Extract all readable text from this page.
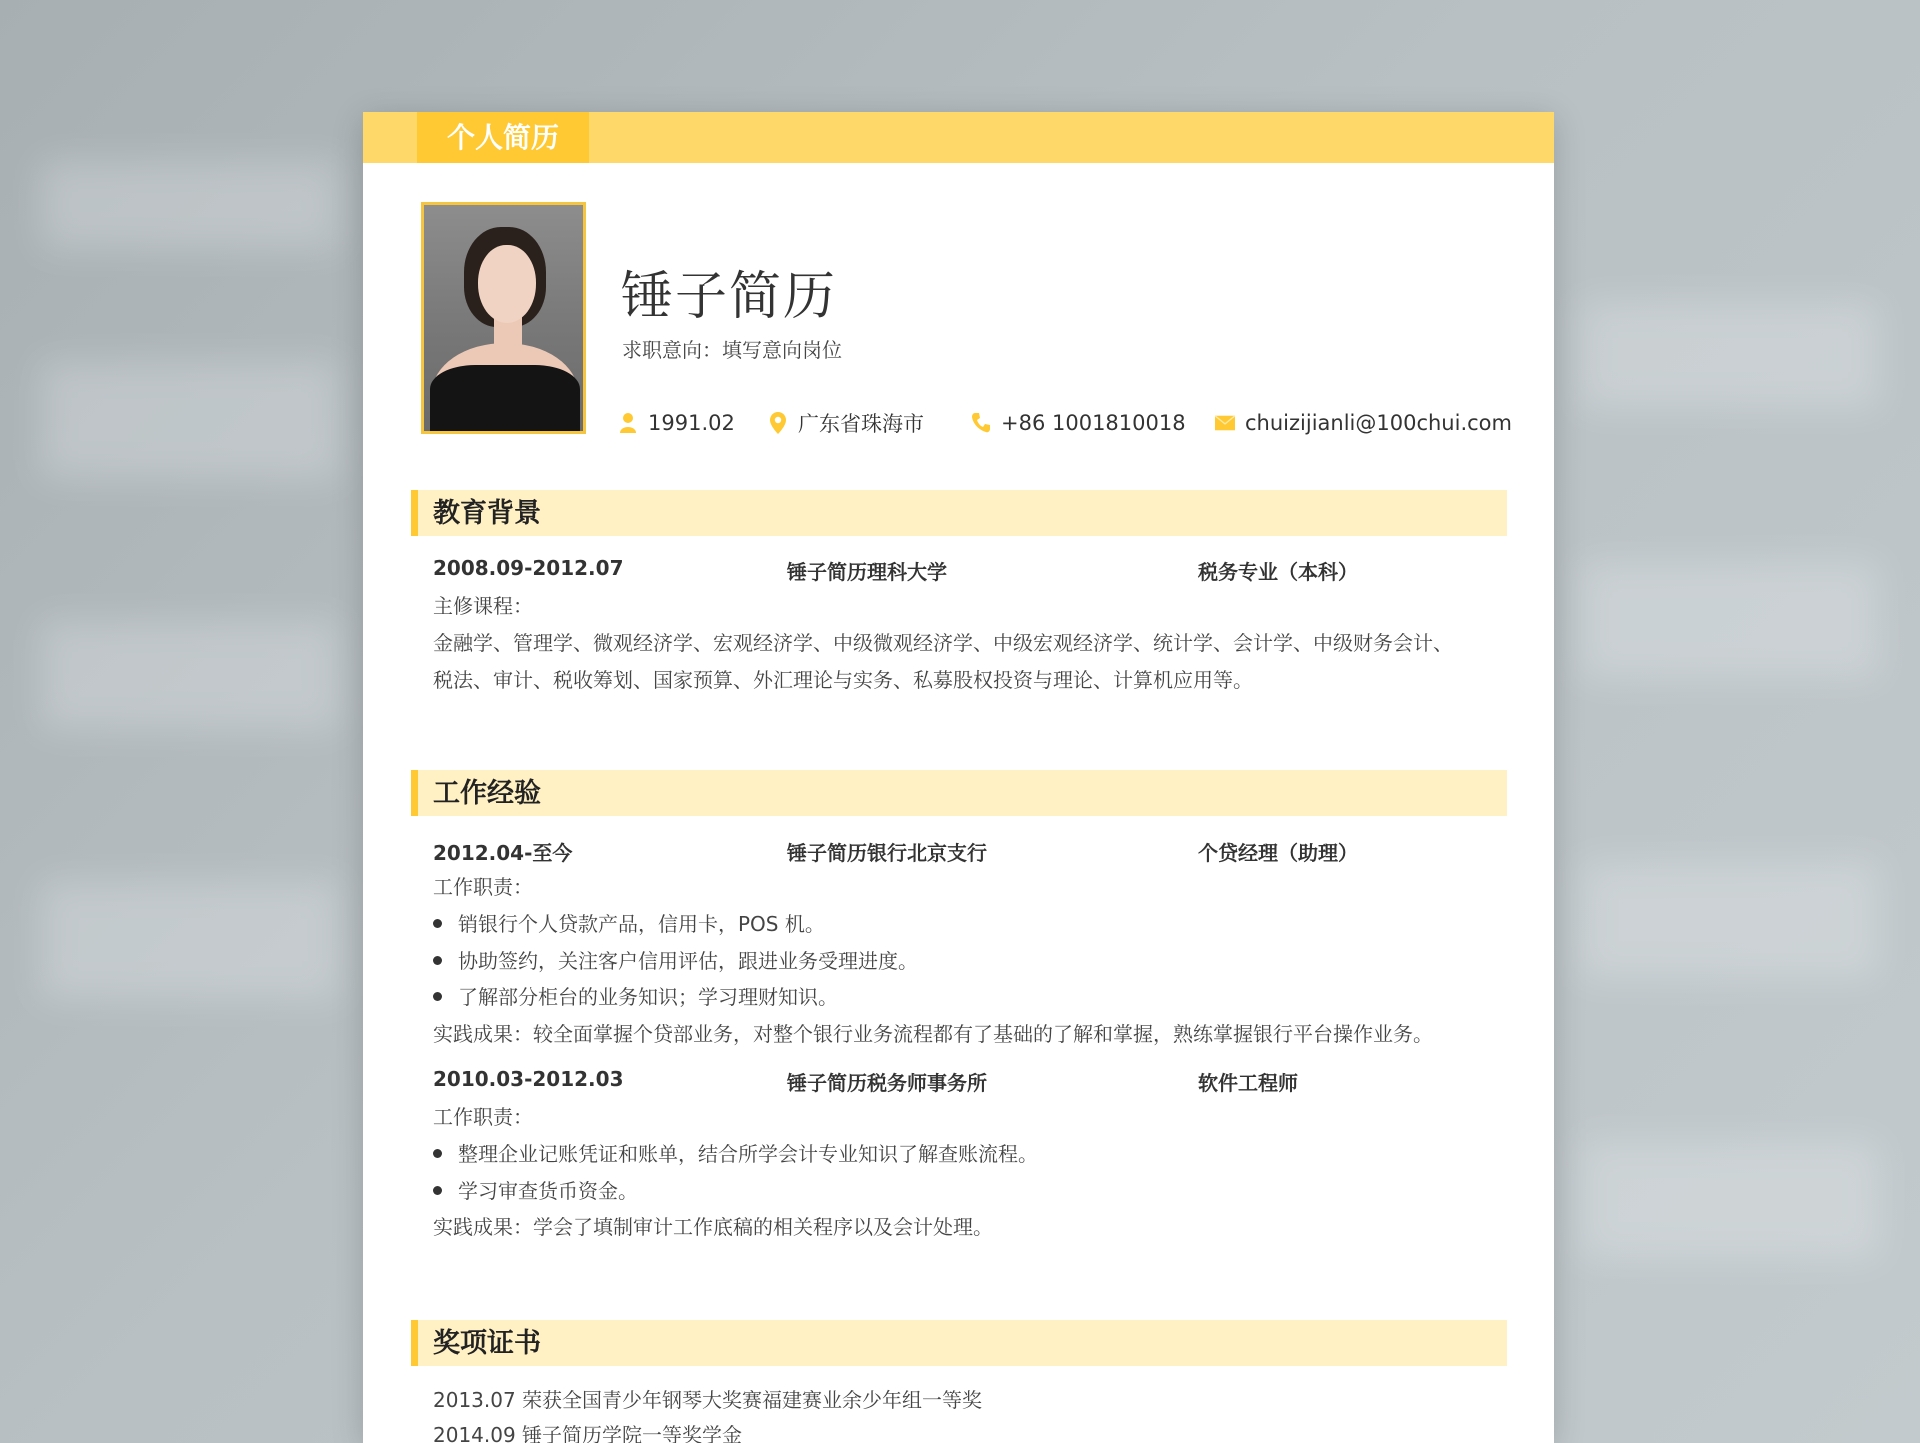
个人简历
锤子简历
求职意向：填写意向岗位
1991.02	广东省珠海市	+86 1001810018	chuizijianli@100chui.com
教育背景
2008.09-2012.07	锤子简历理科大学	税务专业（本科）
主修课程：
金融学、管理学、微观经济学、宏观经济学、中级微观经济学、中级宏观经济学、统计学、会计学、中级财务会计、
税法、审计、税收筹划、国家预算、外汇理论与实务、私募股权投资与理论、计算机应用等。
工作经验
2012.04-至今	锤子简历银行北京支行	个贷经理（助理）
工作职责：
销银行个人贷款产品，信用卡，POS 机。
协助签约，关注客户信用评估，跟进业务受理进度。
了解部分柜台的业务知识；学习理财知识。
实践成果：较全面掌握个贷部业务，对整个银行业务流程都有了基础的了解和掌握，熟练掌握银行平台操作业务。
2010.03-2012.03	锤子简历税务师事务所	软件工程师
工作职责：
整理企业记账凭证和账单，结合所学会计专业知识了解查账流程。
学习审查货币资金。
实践成果：学会了填制审计工作底稿的相关程序以及会计处理。
奖项证书
2013.07 荣获全国青少年钢琴大奖赛福建赛业余少年组一等奖
2014.09 锤子简历学院一等奖学金
